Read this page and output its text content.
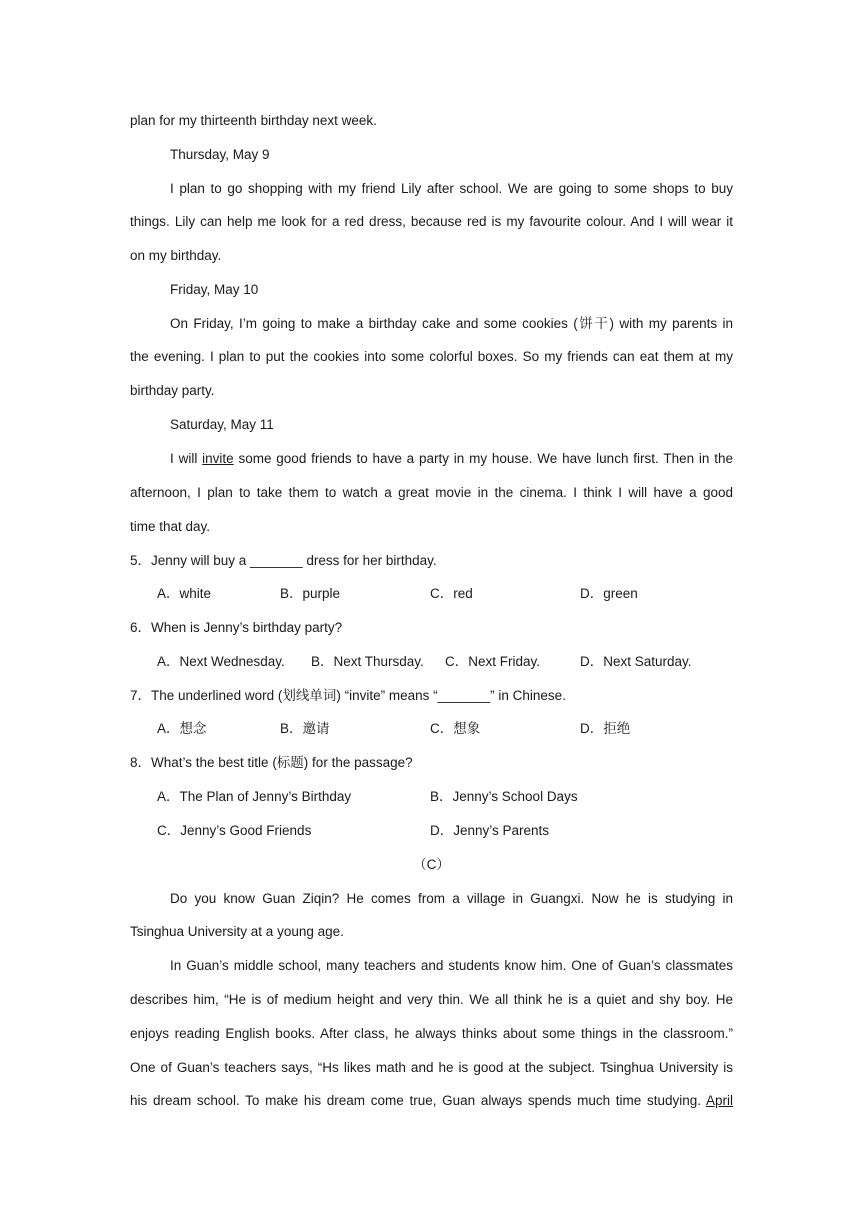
plan for my thirteenth birthday next week.
Thursday, May 9
I plan to go shopping with my friend Lily after school. We are going to some shops to buy
things. Lily can help me look for a red dress, because red is my favourite colour. And I will wear it
on my birthday.
Friday, May 10
On Friday, I’m going to make a birthday cake and some cookies (饼干) with my parents in
the evening. I plan to put the cookies into some colorful boxes. So my friends can eat them at my
birthday party.
Saturday, May 11
I will invite some good friends to have a party in my house. We have lunch first. Then in the
afternoon, I plan to take them to watch a great movie in the cinema. I think I will have a good
time that day.
5．Jenny will buy a _______ dress for her birthday.
A．white	B．purple	C．red	D．green
6．When is Jenny’s birthday party?
A．Next Wednesday. B．Next Thursday. C．Next Friday.	D．Next Saturday.
7．The underlined word (划线单词) “invite” means “_______” in Chinese.
A．想念	B．邀请	C．想象	D．拒绝
8．What’s the best title (标题) for the passage?
A．The Plan of Jenny’s Birthday	B．Jenny’s School Days
C．Jenny’s Good Friends	D．Jenny’s Parents
（C）
Do you know Guan Ziqin? He comes from a village in Guangxi. Now he is studying in
Tsinghua University at a young age.
In Guan’s middle school, many teachers and students know him. One of Guan’s classmates
describes him, “He is of medium height and very thin. We all think he is a quiet and shy boy. He
enjoys reading English books. After class, he always thinks about some things in the classroom.”
One of Guan’s teachers says, “Hs likes math and he is good at the subject. Tsinghua University is
his dream school. To make his dream come true, Guan always spends much time studying. April
